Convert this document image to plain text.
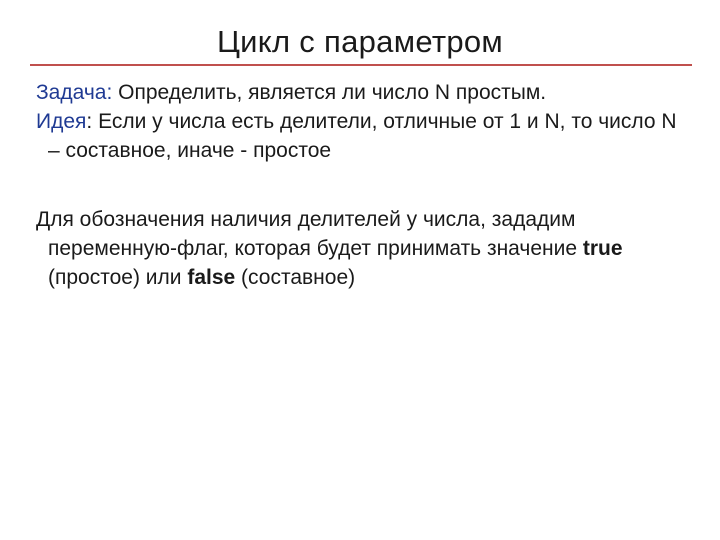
Цикл с параметром

Задача: Определить, является ли число N простым.

Идея: Если у числа есть делители, отличные от 1 и N, то число N – составное, иначе - простое

Для обозначения наличия делителей у числа, зададим переменную-флаг, которая будет принимать значение true (простое) или false (составное)
